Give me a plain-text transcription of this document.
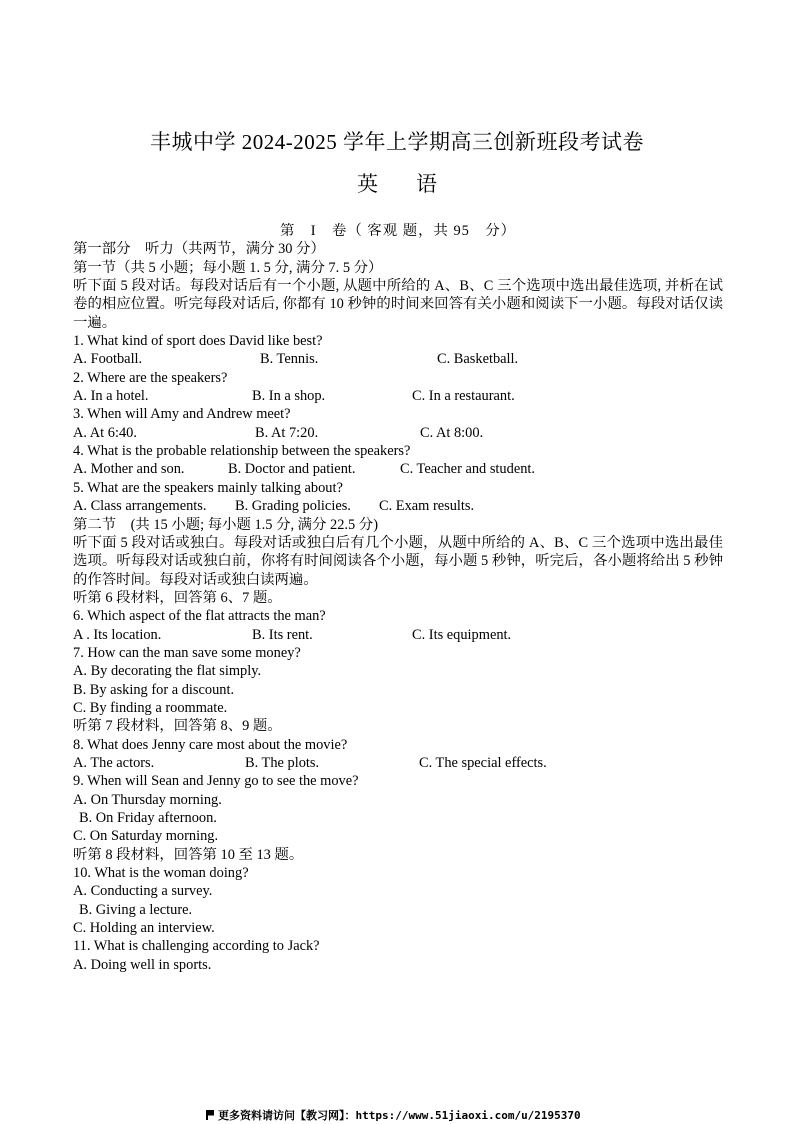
丰城中学 2024-2025 学年上学期高三创新班段考试卷
英 语
第　I　卷（ 客观 题，共 95　分）
第一部分　听力（共两节，满分 30 分）
第一节（共 5 小题；每小题 1. 5 分, 满分 7. 5 分）
听下面 5 段对话。每段对话后有一个小题, 从题中所给的 A、B、C 三个选项中选出最佳选项, 并析在试卷的相应位置。听完每段对话后, 你都有 10 秒钟的时间来回答有关小题和阅读下一小题。每段对话仅读一遍。
1. What kind of sport does David like best?
A. Football.	B. Tennis.	C. Basketball.
2. Where are the speakers?
A. In a hotel.	B. In a shop.	C. In a restaurant.
3. When will Amy and Andrew meet?
A. At 6:40.	B. At 7:20.	C. At 8:00.
4. What is the probable relationship between the speakers?
A. Mother and son.	B. Doctor and patient.	C. Teacher and student.
5. What are the speakers mainly talking about?
A. Class arrangements. B. Grading policies. C. Exam results.
第二节　(共 15 小题; 每小题 1.5 分, 满分 22.5 分)
听下面 5 段对话或独白。每段对话或独白后有几个小题，从题中所给的 A、B、C 三个选项中选出最佳选项。听每段对话或独白前，你将有时间阅读各个小题，每小题 5 秒钟，听完后，各小题将给出 5 秒钟的作答时间。每段对话或独白读两遍。
听第 6 段材料，回答第 6、7 题。
6. Which aspect of the flat attracts the man?
A . Its location.	B. Its rent.	C. Its equipment.
7. How can the man save some money?
A. By decorating the flat simply.
B. By asking for a discount.
C. By finding a roommate.
听第 7 段材料，回答第 8、9 题。
8. What does Jenny care most about the movie?
A. The actors.	B. The plots.	C. The special effects.
9. When will Sean and Jenny go to see the move?
A. On Thursday morning.
B. On Friday afternoon.
C. On Saturday morning.
听第 8 段材料，回答第 10 至 13 题。
10. What is the woman doing?
A. Conducting a survey.
B. Giving a lecture.
C. Holding an interview.
11. What is challenging according to Jack?
A. Doing well in sports.
更多资料请访问【教习网】：https://www.51jiaoxi.com/u/2195370
